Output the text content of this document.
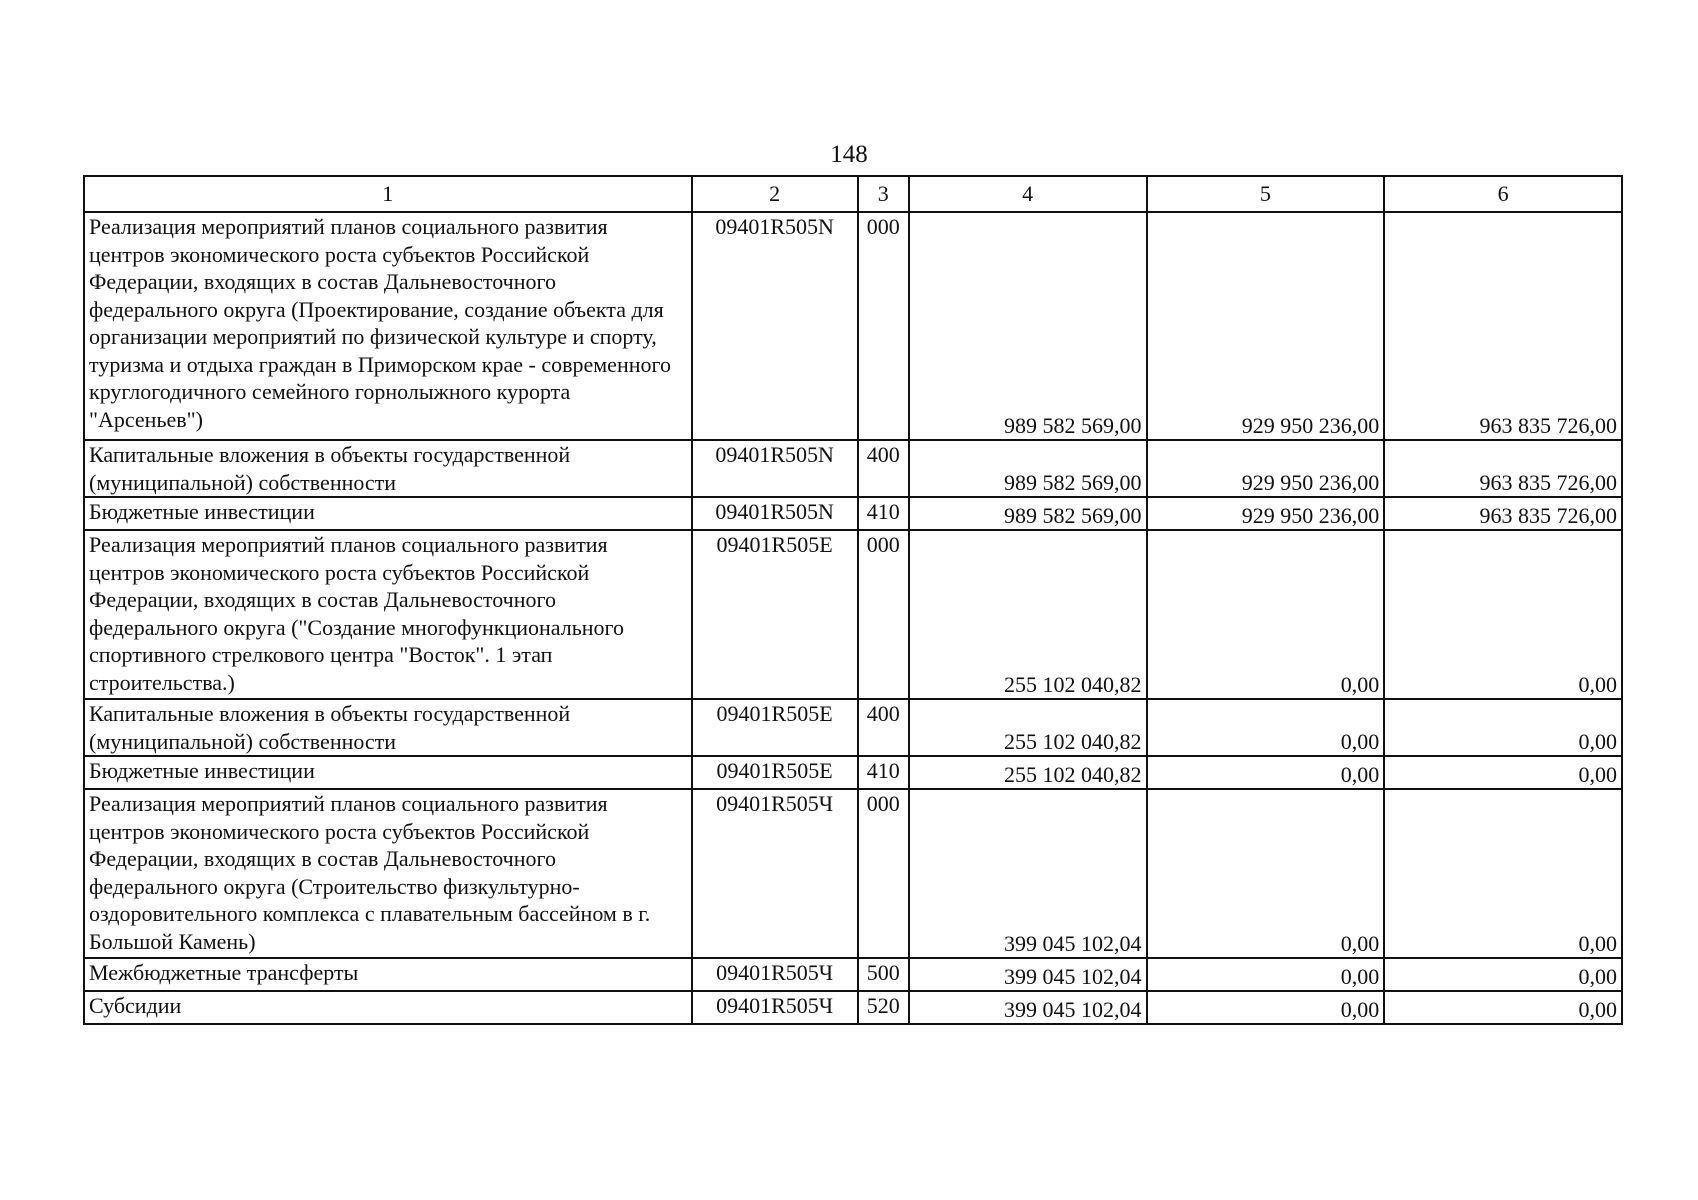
148
1	2	3	4	5	6
Реализация мероприятий планов социального развития центров экономического роста субъектов Российской Федерации, входящих в состав Дальневосточного федерального округа (Проектирование, создание объекта для организации мероприятий по физической культуре и спорту, туризма и отдыха граждан в Приморском крае - современного круглогодичного семейного горнолыжного курорта "Арсеньев")	09401R505N	000	989 582 569,00	929 950 236,00	963 835 726,00
Капитальные вложения в объекты государственной (муниципальной) собственности	09401R505N	400	989 582 569,00	929 950 236,00	963 835 726,00
Бюджетные инвестиции	09401R505N	410	989 582 569,00	929 950 236,00	963 835 726,00
Реализация мероприятий планов социального развития центров экономического роста субъектов Российской Федерации, входящих в состав Дальневосточного федерального округа ("Создание многофункционального спортивного стрелкового центра "Восток". 1 этап строительства.)	09401R505E	000	255 102 040,82	0,00	0,00
Капитальные вложения в объекты государственной (муниципальной) собственности	09401R505E	400	255 102 040,82	0,00	0,00
Бюджетные инвестиции	09401R505E	410	255 102 040,82	0,00	0,00
Реализация мероприятий планов социального развития центров экономического роста субъектов Российской Федерации, входящих в состав Дальневосточного федерального округа (Строительство физкультурно-оздоровительного комплекса с плавательным бассейном в г. Большой Камень)	09401R505Ч	000	399 045 102,04	0,00	0,00
Межбюджетные трансферты	09401R505Ч	500	399 045 102,04	0,00	0,00
Субсидии	09401R505Ч	520	399 045 102,04	0,00	0,00
